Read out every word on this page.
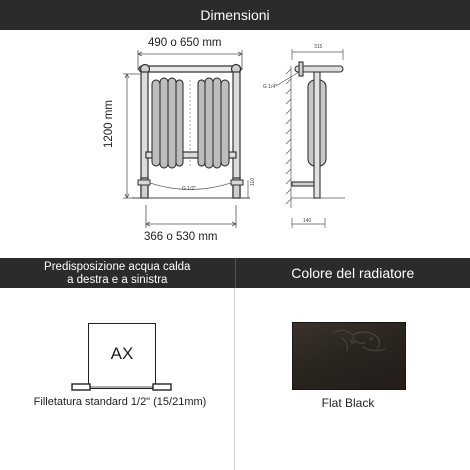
Dimensioni
490 o 650 mm
1200 mm
366 o 530 mm
G 1/2"
315
G 1/4"
140
110
Predisposizione acqua calda
a destra e a sinistra	Colore del radiatore
AX
Filletatura standard 1/2" (15/21mm)	Flat Black
